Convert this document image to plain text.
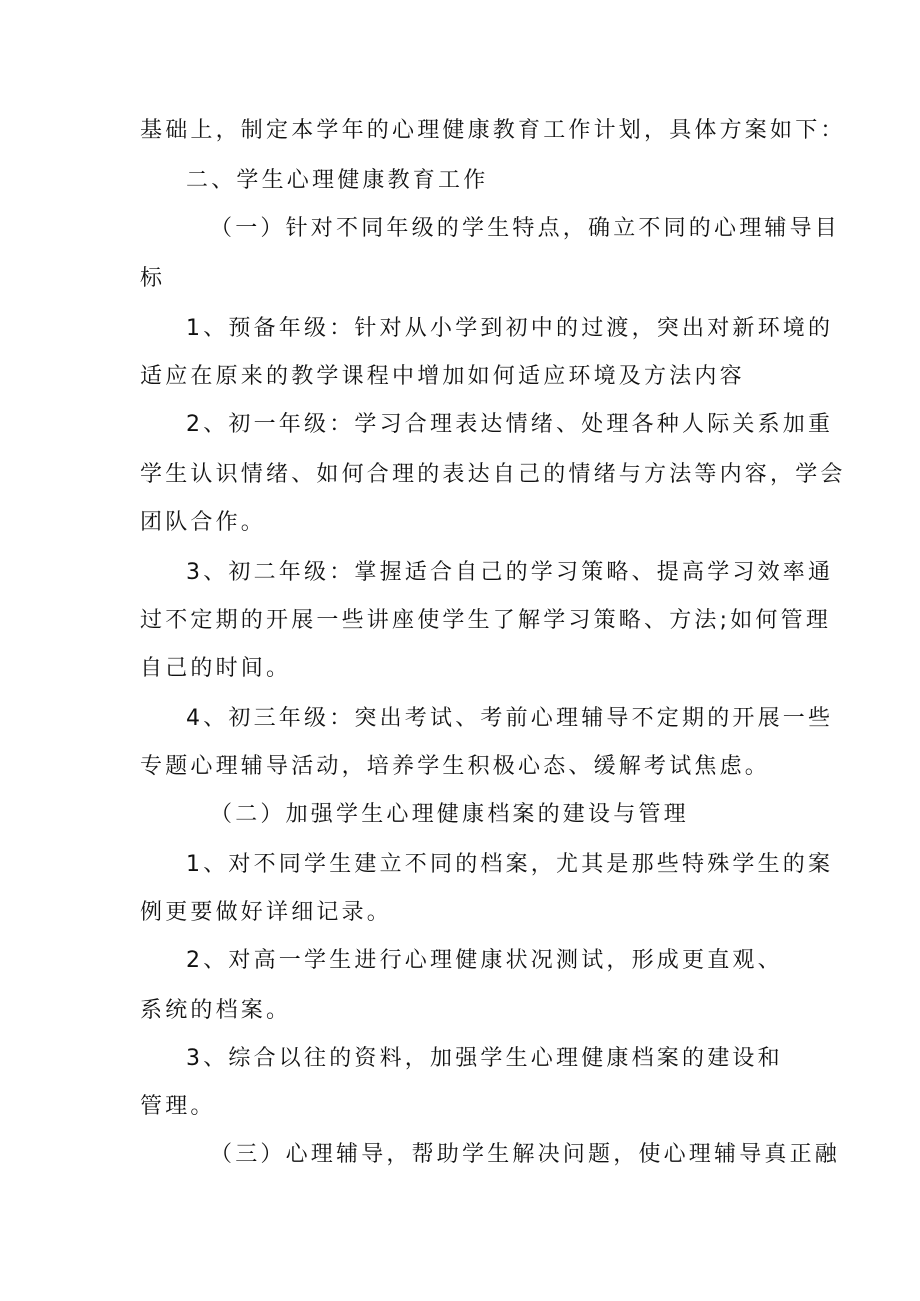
基础上，制定本学年的心理健康教育工作计划，具体方案如下：
二、学生心理健康教育工作
（一）针对不同年级的学生特点，确立不同的心理辅导目
标
1、预备年级：针对从小学到初中的过渡，突出对新环境的
适应在原来的教学课程中增加如何适应环境及方法内容
2、初一年级：学习合理表达情绪、处理各种人际关系加重
学生认识情绪、如何合理的表达自己的情绪与方法等内容，学会
团队合作。
3、初二年级：掌握适合自己的学习策略、提高学习效率通
过不定期的开展一些讲座使学生了解学习策略、方法;如何管理
自己的时间。
4、初三年级：突出考试、考前心理辅导不定期的开展一些
专题心理辅导活动，培养学生积极心态、缓解考试焦虑。
（二）加强学生心理健康档案的建设与管理
1、对不同学生建立不同的档案，尤其是那些特殊学生的案
例更要做好详细记录。
2、对高一学生进行心理健康状况测试，形成更直观、
系统的档案。
3、综合以往的资料，加强学生心理健康档案的建设和
管理。
（三）心理辅导，帮助学生解决问题，使心理辅导真正融
